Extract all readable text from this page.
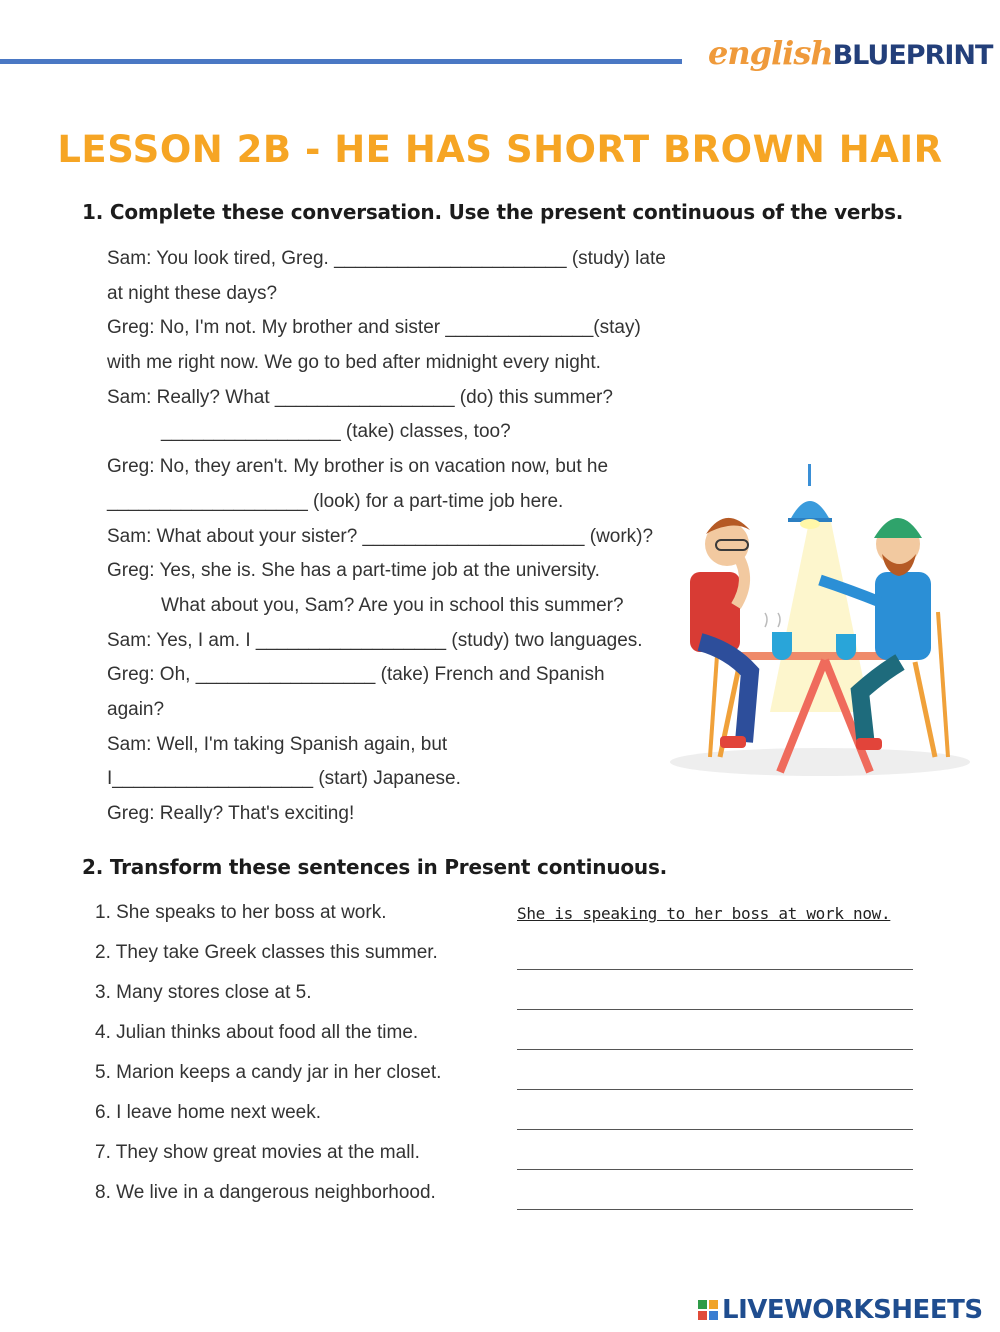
english BLUEPRINT
LESSON 2B - HE HAS SHORT BROWN HAIR
1. Complete these conversation. Use the present continuous of the verbs.
Sam: You look tired, Greg. ______________________ (study) late
at night these days?
Greg: No, I'm not. My brother and sister ______________(stay)
with me right now. We go to bed after midnight every night.
Sam: Really? What _________________ (do) this summer?
_________________ (take) classes, too?
Greg: No, they aren't. My brother is on vacation now, but he
___________________ (look) for a part-time job here.
Sam: What about your sister? _____________________ (work)?
Greg: Yes, she is. She has a part-time job at the university.
What about you, Sam? Are you in school this summer?
Sam: Yes, I am. I __________________ (study) two languages.
Greg: Oh, _________________ (take) French and Spanish
again?
Sam: Well, I'm taking Spanish again, but
I___________________ (start) Japanese.
Greg: Really? That's exciting!
2. Transform these sentences in Present continuous.
1. She speaks to her boss at work.	She is speaking to her boss at work now.
2. They take Greek classes this summer.
3. Many stores close at 5.
4. Julian thinks about food all the time.
5. Marion keeps a candy jar in her closet.
6. I leave home next week.
7. They show great movies at the mall.
8. We live in a dangerous neighborhood.
LIVEWORKSHEETS
